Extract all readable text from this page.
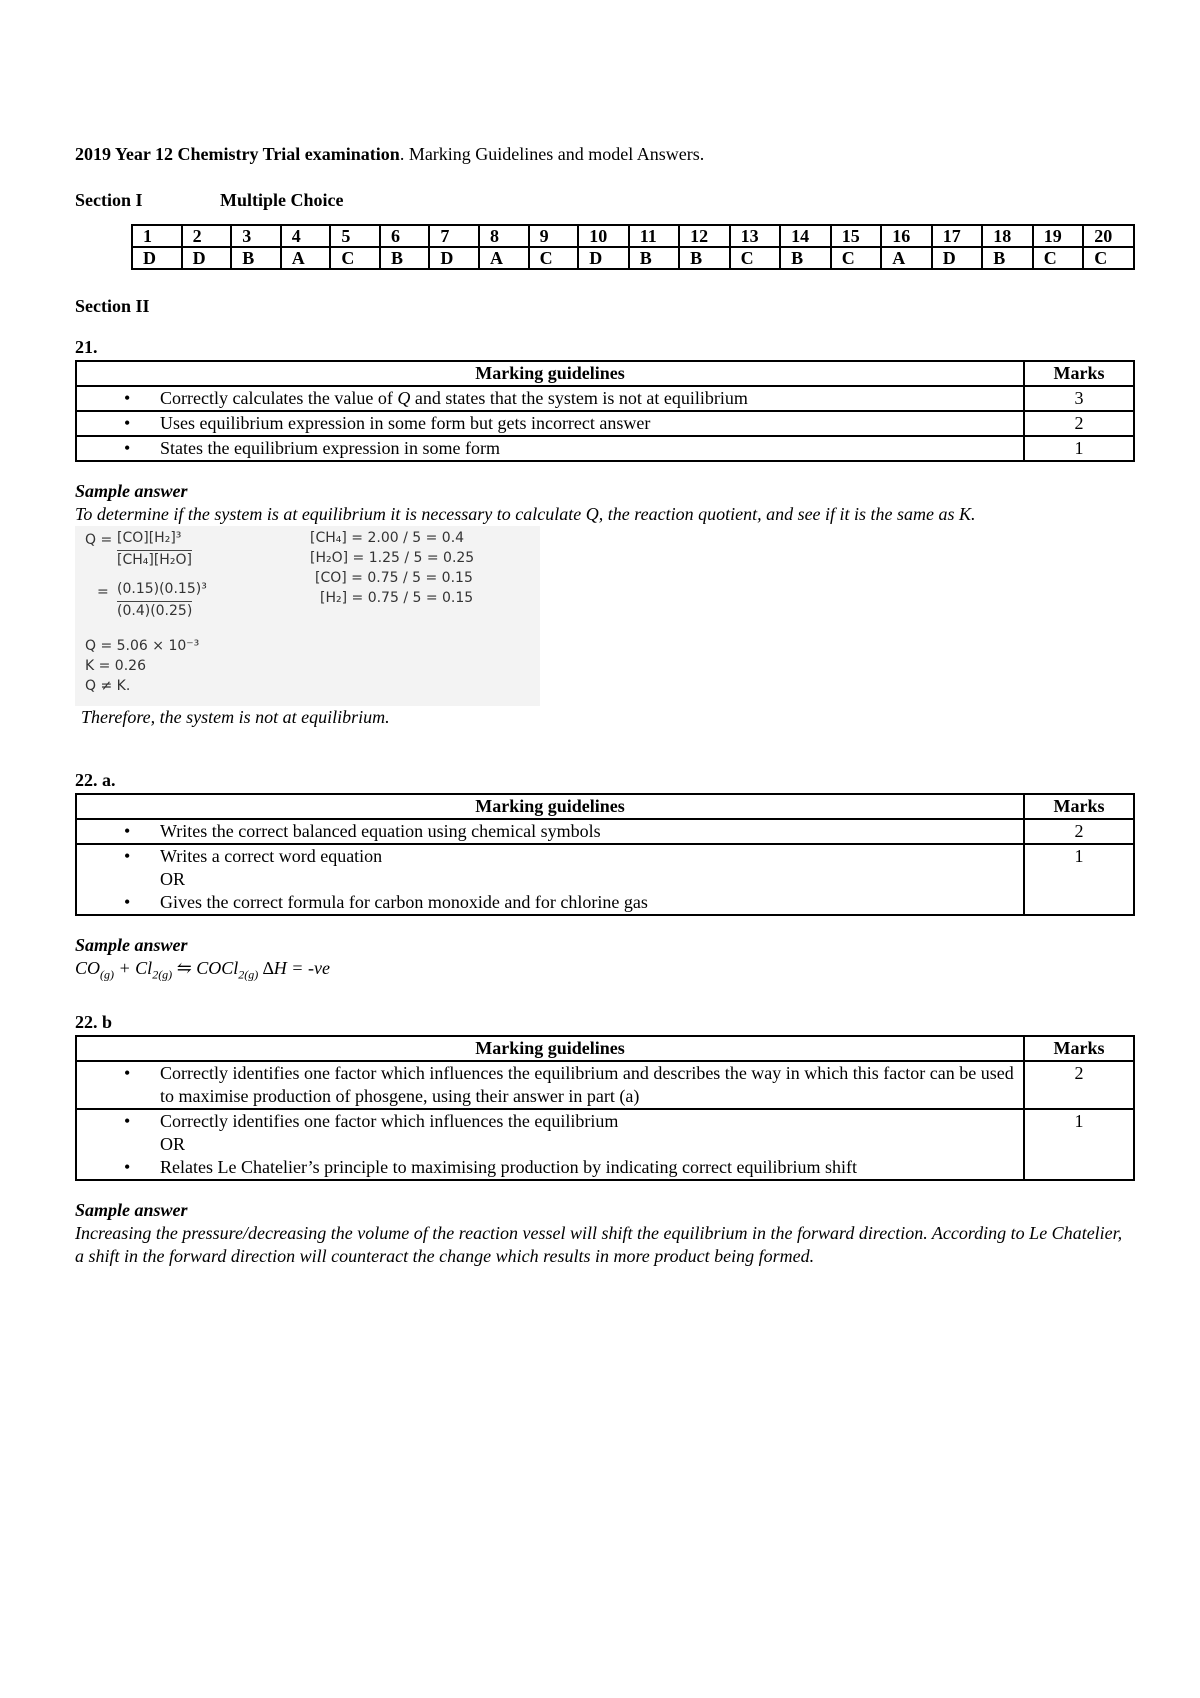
2019 Year 12 Chemistry Trial examination. Marking Guidelines and model Answers.
Section I	Multiple Choice
1	2	3	4	5	6	7	8	9	10	11	12	13	14	15	16	17	18	19	20
D	D	B	A	C	B	D	A	C	D	B	B	C	B	C	A	D	B	C	C
Section II
21.
Marking guidelines	Marks

• Correctly calculates the value of Q and states that the system is not at equilibrium	3

• Uses equilibrium expression in some form but gets incorrect answer	2

• States the equilibrium expression in some form	1
Sample answer
To determine if the system is at equilibrium it is necessary to calculate Q, the reaction quotient, and see if it is the same as K.
Q = [CO][H₂]³
[CH₄][H₂O]
= (0.15)(0.15)³
(0.4)(0.25)
[CH₄] = 2.00 / 5 = 0.4
[H₂O] = 1.25 / 5 = 0.25
[CO] = 0.75 / 5 = 0.15
[H₂] = 0.75 / 5 = 0.15
Q = 5.06 × 10⁻³
K = 0.26
Q ≠ K.
Therefore, the system is not at equilibrium.
22. a.
Marking guidelines	Marks

• Writes the correct balanced equation using chemical symbols	2

• Writes a correct word equation
OR
• Gives the correct formula for carbon monoxide and for chlorine gas	1
Sample answer
$CO_{(g)} + Cl_{2(g)}$ ⇋ COCl$_{2(g)}$ ∆H = -ve
22. b
Marking guidelines	Marks

• Correctly identifies one factor which influences the equilibrium and describes the way in which this factor can be used to maximise production of phosgene, using their answer in part (a)	2

• Correctly identifies one factor which influences the equilibrium
OR
• Relates Le Chatelier’s principle to maximising production by indicating correct equilibrium shift	1
Sample answer
Increasing the pressure/decreasing the volume of the reaction vessel will shift the equilibrium in the forward direction. According to Le Chatelier, a shift in the forward direction will counteract the change which results in more product being formed.
